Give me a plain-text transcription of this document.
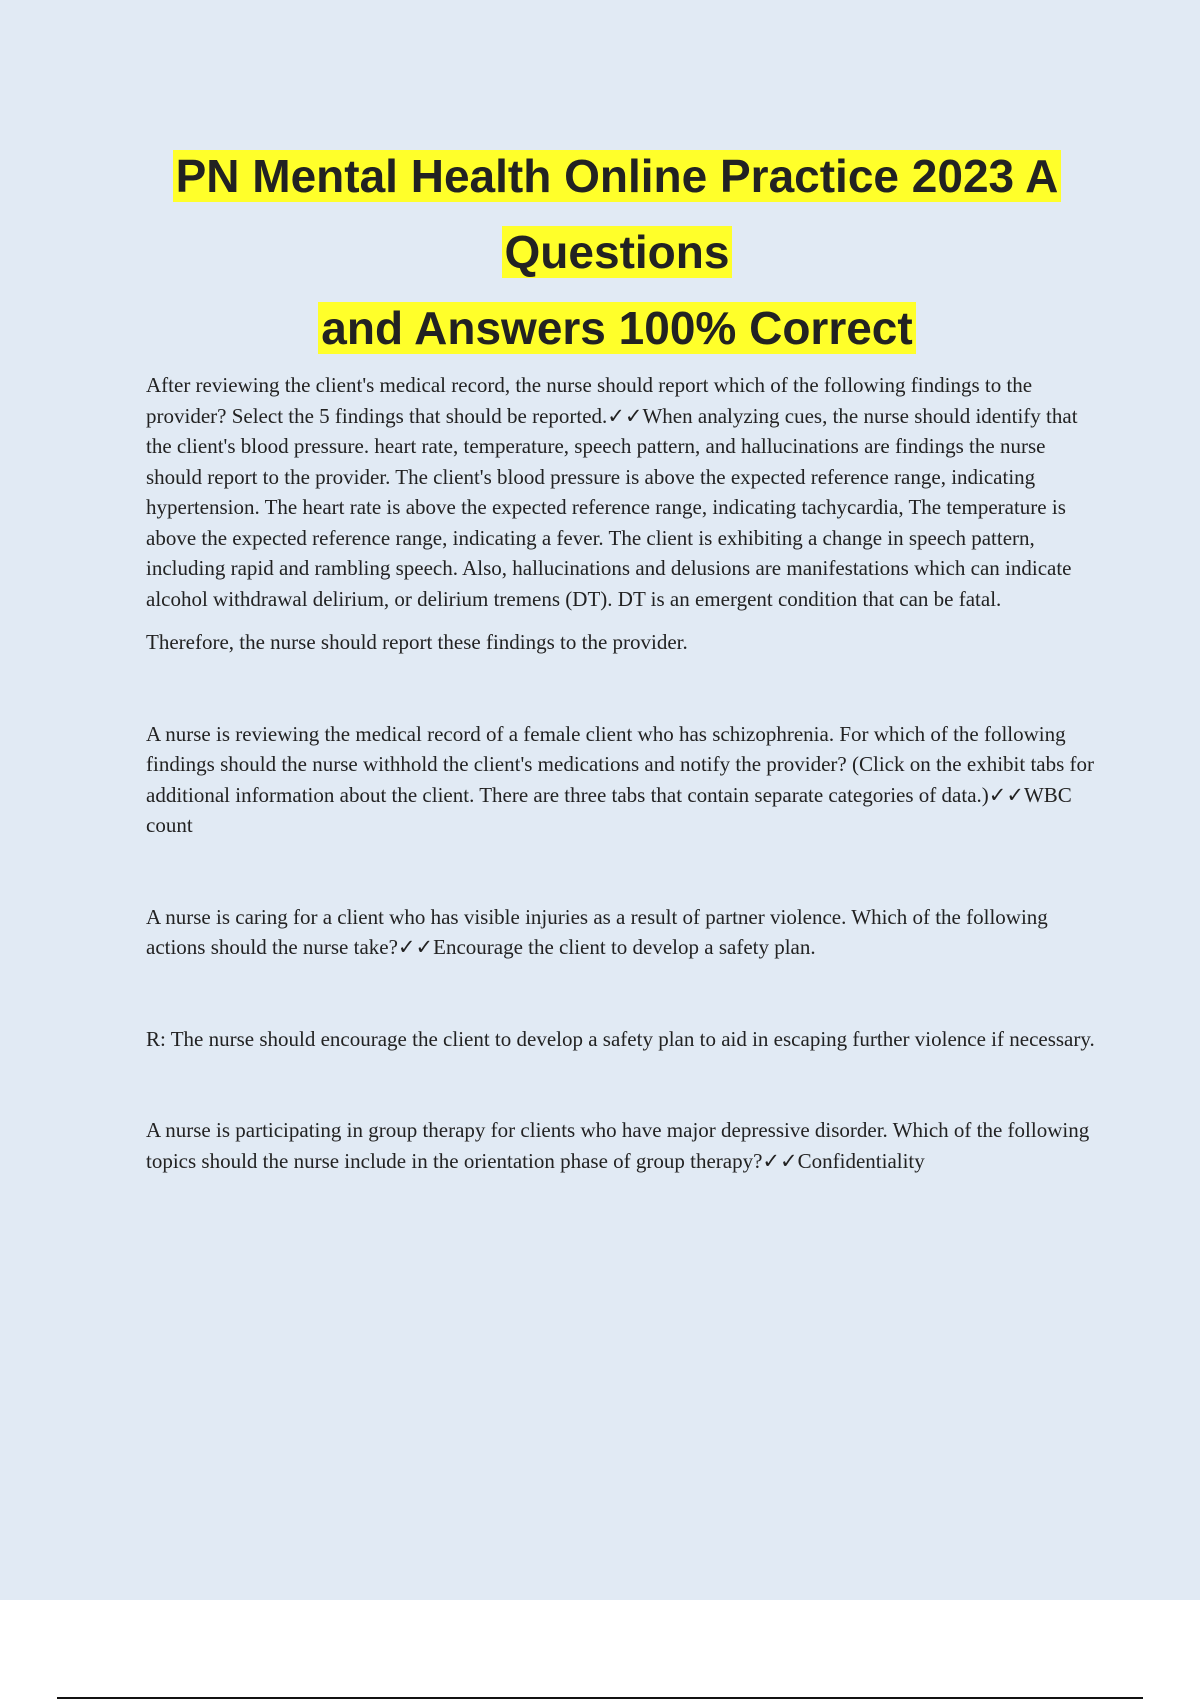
PN Mental Health Online Practice 2023 A
Questions
and Answers 100% Correct

After reviewing the client's medical record, the nurse should report which of the following findings to the provider? Select the 5 findings that should be reported.✓✓When analyzing cues, the nurse should identify that the client's blood pressure. heart rate, temperature, speech pattern, and hallucinations are findings the nurse should report to the provider. The client's blood pressure is above the expected reference range, indicating hypertension. The heart rate is above the expected reference range, indicating tachycardia, The temperature is above the expected reference range, indicating a fever. The client is exhibiting a change in speech pattern, including rapid and rambling speech. Also, hallucinations and delusions are manifestations which can indicate alcohol withdrawal delirium, or delirium tremens (DT). DT is an emergent condition that can be fatal.

Therefore, the nurse should report these findings to the provider.

A nurse is reviewing the medical record of a female client who has schizophrenia. For which of the following findings should the nurse withhold the client's medications and notify the provider? (Click on the exhibit tabs for additional information about the client. There are three tabs that contain separate categories of data.)✓✓WBC count

A nurse is caring for a client who has visible injuries as a result of partner violence. Which of the following actions should the nurse take?✓✓Encourage the client to develop a safety plan.

R: The nurse should encourage the client to develop a safety plan to aid in escaping further violence if necessary.

A nurse is participating in group therapy for clients who have major depressive disorder. Which of the following topics should the nurse include in the orientation phase of group therapy?✓✓Confidentiality
